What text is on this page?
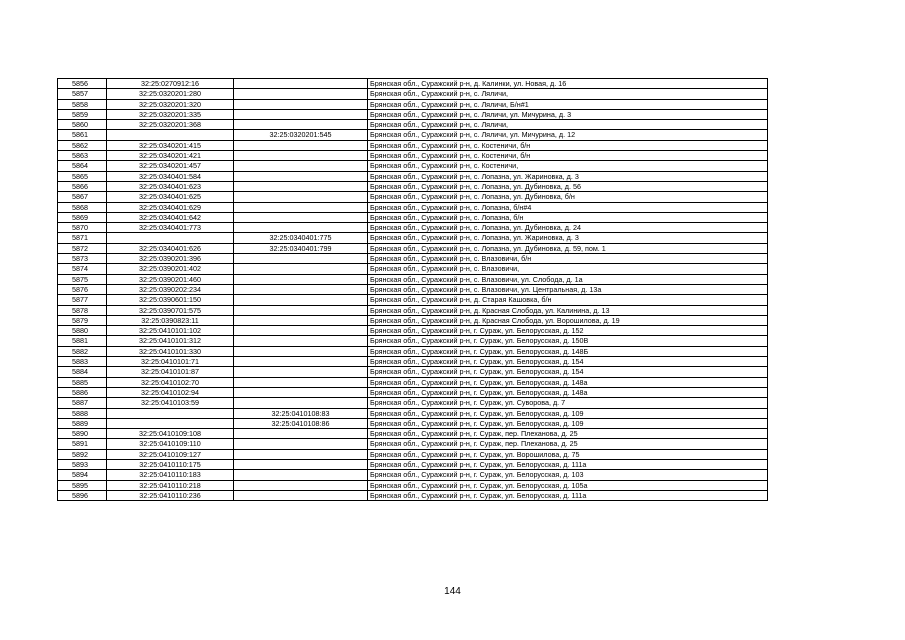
5856	32:25:0270912:16		Брянская обл., Суражский р-н, д. Калинки, ул. Новая, д. 16
5857	32:25:0320201:280		Брянская обл., Суражский р-н, с. Ляличи,
5858	32:25:0320201:320		Брянская обл., Суражский р-н, с. Ляличи, Б/н#1
5859	32:25:0320201:335		Брянская обл., Суражский р-н, с. Ляличи, ул. Мичурина, д. 3
5860	32:25:0320201:368		Брянская обл., Суражский р-н, с. Ляличи,
5861		32:25:0320201:545	Брянская обл., Суражский р-н, с. Ляличи, ул. Мичурина, д. 12
5862	32:25:0340201:415		Брянская обл., Суражский р-н, с. Костеничи, б/н
5863	32:25:0340201:421		Брянская обл., Суражский р-н, с. Костеничи, б/н
5864	32:25:0340201:457		Брянская обл., Суражский р-н, с. Костеничи,
5865	32:25:0340401:584		Брянская обл., Суражский р-н, с. Лопазна, ул. Жариновка, д. 3
5866	32:25:0340401:623		Брянская обл., Суражский р-н, с. Лопазна, ул. Дубиновка, д. 56
5867	32:25:0340401:625		Брянская обл., Суражский р-н, с. Лопазна, ул. Дубиновка, б/н
5868	32:25:0340401:629		Брянская обл., Суражский р-н, с. Лопазна, б/н#4
5869	32:25:0340401:642		Брянская обл., Суражский р-н, с. Лопазна, б/н
5870	32:25:0340401:773		Брянская обл., Суражский р-н, с. Лопазна, ул. Дубиновка, д. 24
5871		32:25:0340401:775	Брянская обл., Суражский р-н, с. Лопазна, ул. Жариновка, д. 3
5872	32:25:0340401:626	32:25:0340401:799	Брянская обл., Суражский р-н, с. Лопазна, ул. Дубиновка, д. 59, пом. 1
5873	32:25:0390201:396		Брянская обл., Суражский р-н, с. Влазовичи, б/н
5874	32:25:0390201:402		Брянская обл., Суражский р-н, с. Влазовичи,
5875	32:25:0390201:460		Брянская обл., Суражский р-н, с. Влазовичи, ул. Слобода, д. 1а
5876	32:25:0390202:234		Брянская обл., Суражский р-н, с. Влазовичи, ул. Центральная, д. 13а
5877	32:25:0390601:150		Брянская обл., Суражский р-н, д. Старая Кашовка, б/н
5878	32:25:0390701:575		Брянская обл., Суражский р-н, д. Красная Слобода, ул. Калинина, д. 13
5879	32:25:0390823:11		Брянская обл., Суражский р-н, д. Красная Слобода, ул. Ворошилова, д. 19
5880	32:25:0410101:102		Брянская обл., Суражский р-н, г. Сураж, ул. Белорусская, д. 152
5881	32:25:0410101:312		Брянская обл., Суражский р-н, г. Сураж, ул. Белорусская, д. 150В
5882	32:25:0410101:330		Брянская обл., Суражский р-н, г. Сураж, ул. Белорусская, д. 148Б
5883	32:25:0410101:71		Брянская обл., Суражский р-н, г. Сураж, ул. Белорусская, д. 154
5884	32:25:0410101:87		Брянская обл., Суражский р-н, г. Сураж, ул. Белорусская, д. 154
5885	32:25:0410102:70		Брянская обл., Суражский р-н, г. Сураж, ул. Белорусская, д. 148а
5886	32:25:0410102:94		Брянская обл., Суражский р-н, г. Сураж, ул. Белорусская, д. 148а
5887	32:25:0410103:59		Брянская обл., Суражский р-н, г. Сураж, ул. Суворова, д. 7
5888		32:25:0410108:83	Брянская обл., Суражский р-н, г. Сураж, ул. Белорусская, д. 109
5889		32:25:0410108:86	Брянская обл., Суражский р-н, г. Сураж, ул. Белорусская, д. 109
5890	32:25:0410109:108		Брянская обл., Суражский р-н, г. Сураж, пер. Плеханова, д. 25
5891	32:25:0410109:110		Брянская обл., Суражский р-н, г. Сураж, пер. Плеханова, д. 25
5892	32:25:0410109:127		Брянская обл., Суражский р-н, г. Сураж, ул. Ворошилова, д. 75
5893	32:25:0410110:175		Брянская обл., Суражский р-н, г. Сураж, ул. Белорусская, д. 111а
5894	32:25:0410110:183		Брянская обл., Суражский р-н, г. Сураж, ул. Белорусская, д. 103
5895	32:25:0410110:218		Брянская обл., Суражский р-н, г. Сураж, ул. Белорусская, д. 105а
5896	32:25:0410110:236		Брянская обл., Суражский р-н, г. Сураж, ул. Белорусская, д. 111а
144
